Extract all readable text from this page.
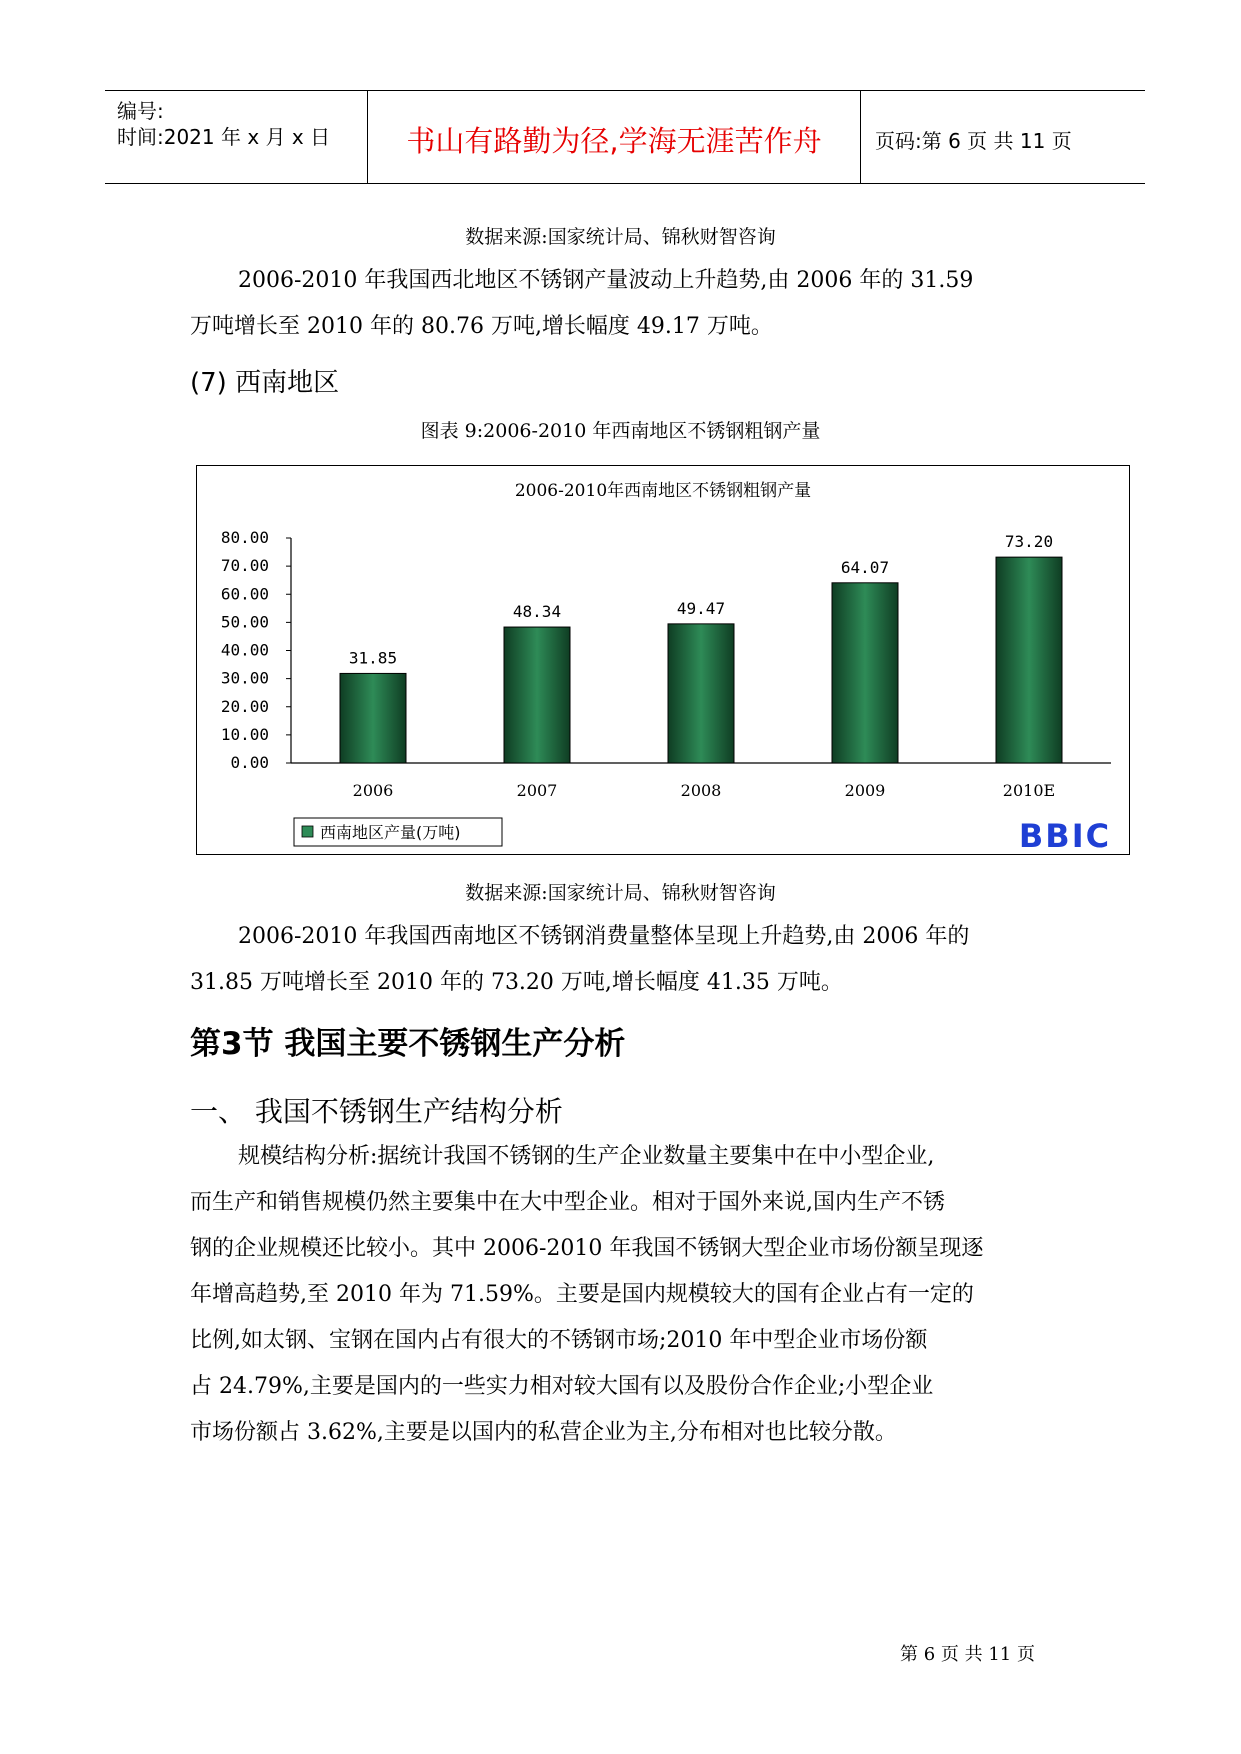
编号:
时间:2021 年 x 月 x 日	书山有路勤为径,学海无涯苦作舟	页码:第 6 页 共 11 页
数据来源:国家统计局、锦秋财智咨询
2006-2010 年我国西北地区不锈钢产量波动上升趋势,由 2006 年的 31.59
万吨增长至 2010 年的 80.76 万吨,增长幅度 49.17 万吨。
(7) 西南地区
图表 9:2006-2010 年西南地区不锈钢粗钢产量
2006-2010年西南地区不锈钢粗钢产量
0.00
10.00
20.00
30.00
40.00
50.00
60.00
70.00
80.00
31.85
48.34	49.47
64.07
73.20
2006	2007	2008	2009	2010E
西南地区产量(万吨)	BBIC
数据来源:国家统计局、锦秋财智咨询
2006-2010 年我国西南地区不锈钢消费量整体呈现上升趋势,由 2006 年的
31.85 万吨增长至 2010 年的 73.20 万吨,增长幅度 41.35 万吨。
第3节 我国主要不锈钢生产分析
一、 我国不锈钢生产结构分析
规模结构分析:据统计我国不锈钢的生产企业数量主要集中在中小型企业,
而生产和销售规模仍然主要集中在大中型企业。相对于国外来说,国内生产不锈
钢的企业规模还比较小。其中 2006-2010 年我国不锈钢大型企业市场份额呈现逐
年增高趋势,至 2010 年为 71.59%。主要是国内规模较大的国有企业占有一定的
比例,如太钢、宝钢在国内占有很大的不锈钢市场;2010 年中型企业市场份额
占 24.79%,主要是国内的一些实力相对较大国有以及股份合作企业;小型企业
市场份额占 3.62%,主要是以国内的私营企业为主,分布相对也比较分散。
第 6 页 共 11 页
